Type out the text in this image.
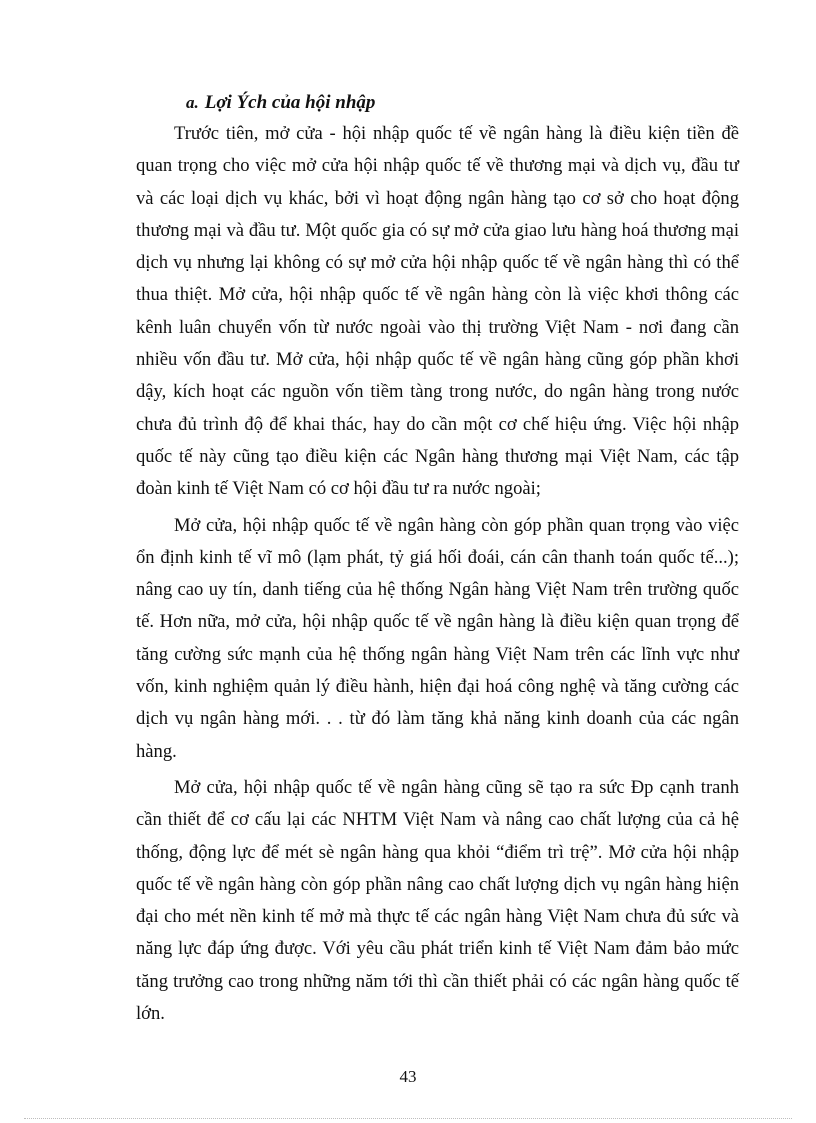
a. Lợi Ých của hội nhập

Trước tiên, mở cửa - hội nhập quốc tế về ngân hàng là điều kiện tiền đề quan trọng cho việc mở cửa hội nhập quốc tế về thương mại và dịch vụ, đầu tư và các loại dịch vụ khác, bởi vì hoạt động ngân hàng tạo cơ sở cho hoạt động thương mại và đầu tư. Một quốc gia có sự mở cửa giao lưu hàng hoá thương mại dịch vụ nhưng lại không có sự mở cửa hội nhập quốc tế về ngân hàng thì có thể thua thiệt. Mở cửa, hội nhập quốc tế về ngân hàng còn là việc khơi thông các kênh luân chuyển vốn từ nước ngoài vào thị trường Việt Nam - nơi đang cần nhiều vốn đầu tư. Mở cửa, hội nhập quốc tế về ngân hàng cũng góp phần khơi dậy, kích hoạt các nguồn vốn tiềm tàng trong nước, do ngân hàng trong nước chưa đủ trình độ để khai thác, hay do cần một cơ chế hiệu ứng. Việc hội nhập quốc tế này cũng tạo điều kiện các Ngân hàng thương mại Việt Nam, các tập đoàn kinh tế Việt Nam có cơ hội đầu tư ra nước ngoài;

Mở cửa, hội nhập quốc tế về ngân hàng còn góp phần quan trọng vào việc ổn định kinh tế vĩ mô (lạm phát, tỷ giá hối đoái, cán cân thanh toán quốc tế...); nâng cao uy tín, danh tiếng của hệ thống Ngân hàng Việt Nam trên trường quốc tế. Hơn nữa, mở cửa, hội nhập quốc tế về ngân hàng là điều kiện quan trọng để tăng cường sức mạnh của hệ thống ngân hàng Việt Nam trên các lĩnh vực như vốn, kinh nghiệm quản lý điều hành, hiện đại hoá công nghệ và tăng cường các dịch vụ ngân hàng mới. . . từ đó làm tăng khả năng kinh doanh của các ngân hàng.

Mở cửa, hội nhập quốc tế về ngân hàng cũng sẽ tạo ra sức Ðp cạnh tranh cần thiết để cơ cấu lại các NHTM Việt Nam và nâng cao chất lượng của cả hệ thống, động lực để mét sè ngân hàng qua khỏi “điểm trì trệ”. Mở cửa hội nhập quốc tế về ngân hàng còn góp phần nâng cao chất lượng dịch vụ ngân hàng hiện đại cho mét nền kinh tế mở mà thực tế các ngân hàng Việt Nam chưa đủ sức và năng lực đáp ứng được. Với yêu cầu phát triển kinh tế Việt Nam đảm bảo mức tăng trưởng cao trong những năm tới thì cần thiết phải có các ngân hàng quốc tế lớn.

43
